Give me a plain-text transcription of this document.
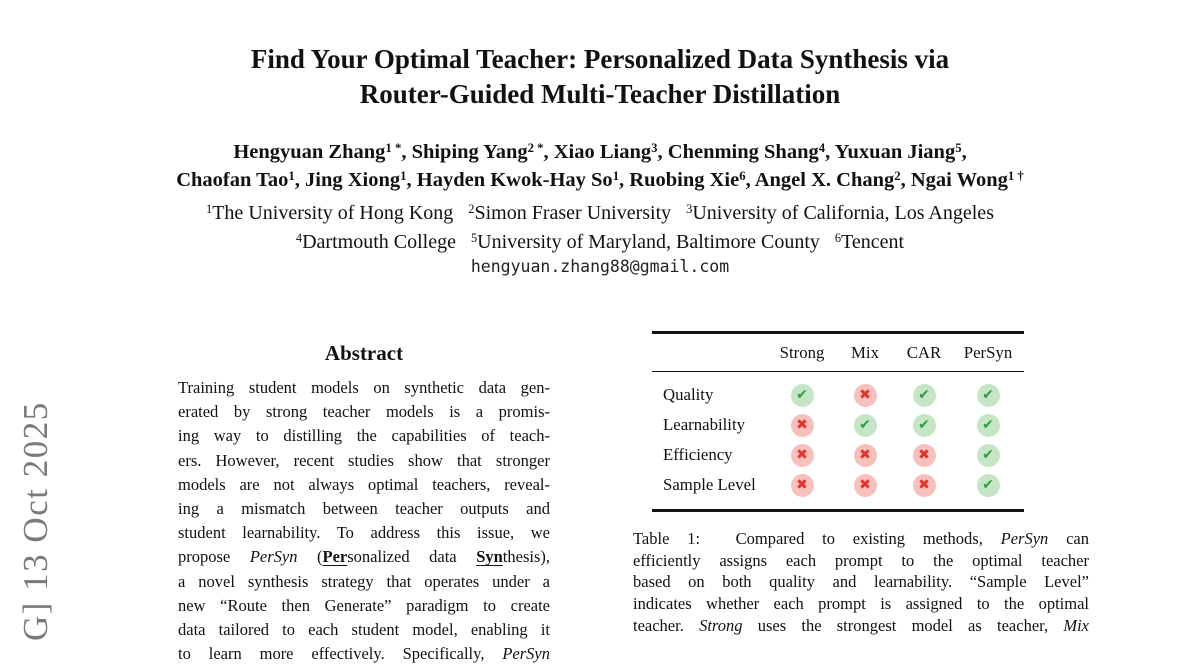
Find Your Optimal Teacher: Personalized Data Synthesis via
Router-Guided Multi-Teacher Distillation
Hengyuan Zhang$^{1 *}$, Shiping Yang$^{2 *}$, Xiao Liang$^3$, Chenming Shang$^4$, Yuxuan Jiang$^5$,
Chaofan Tao$^1$, Jing Xiong$^1$, Hayden Kwok-Hay So$^1$, Ruobing Xie$^6$, Angel X. Chang$^2$, Ngai Wong$^{1 \dagger}$
$^1$The University of Hong Kong $^2$Simon Fraser University $^3$University of California, Los Angeles
$^4$Dartmouth College $^5$University of Maryland, Baltimore County $^6$Tencent
hengyuan.zhang88@gmail.com
G] 13 Oct 2025
Abstract
Training student models on synthetic data gen-
erated by strong teacher models is a promis-
ing way to distilling the capabilities of teach-
ers. However, recent studies show that stronger
models are not always optimal teachers, reveal-
ing a mismatch between teacher outputs and
student learnability. To address this issue, we
propose PerSyn (Personalized data Synthesis),
a novel synthesis strategy that operates under a
new “Route then Generate” paradigm to create
data tailored to each student model, enabling it
to learn more effectively. Specifically, PerSyn
Strong	Mix	CAR	PerSyn
Quality	✔	✖	✔	✔
Learnability	✖	✔	✔	✔
Efficiency	✖	✖	✖	✔
Sample Level	✖	✖	✖	✔
Table 1:  Compared to existing methods, PerSyn can
efficiently assigns each prompt to the optimal teacher
based on both quality and learnability. “Sample Level”
indicates whether each prompt is assigned to the optimal
teacher. Strong uses the strongest model as teacher, Mix
